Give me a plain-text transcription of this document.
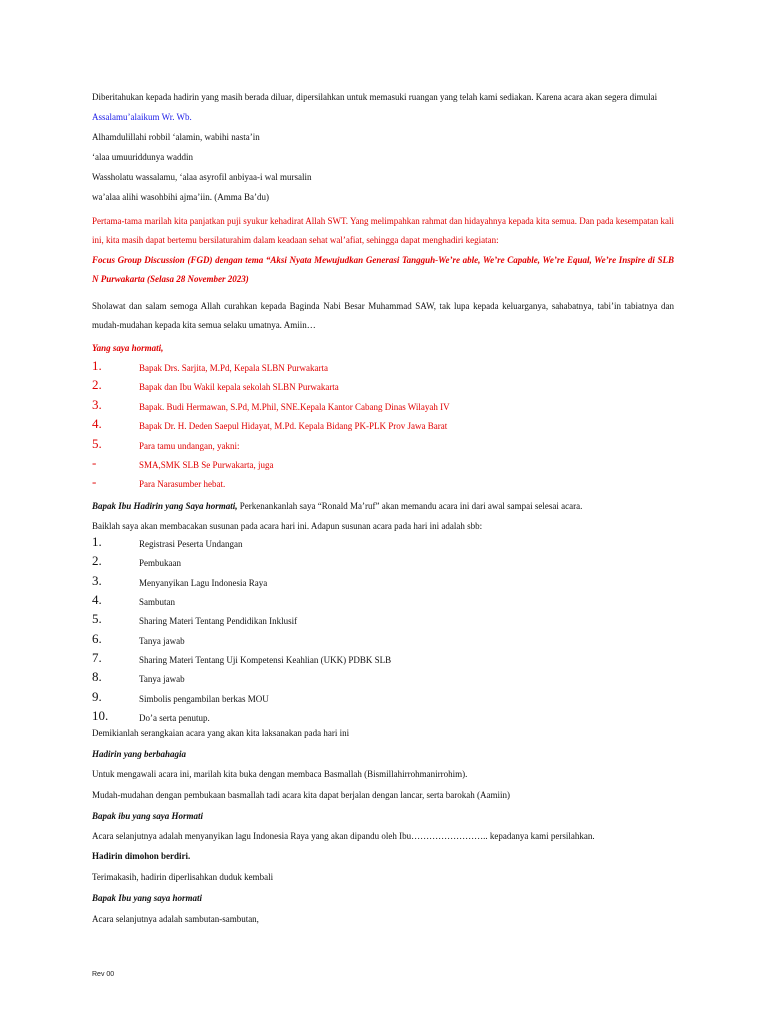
Diberitahukan kepada hadirin yang masih berada diluar, dipersilahkan untuk memasuki ruangan yang telah kami sediakan. Karena acara akan segera dimulai

Assalamu’alaikum Wr. Wb.

Alhamdulillahi robbil ‘alamin, wabihi nasta’in

‘alaa umuuriddunya waddin

Wassholatu wassalamu, ‘alaa asyrofil anbiyaa-i wal mursalin

wa’alaa alihi wasohbihi ajma’iin. (Amma Ba’du)

Pertama-tama marilah kita panjatkan puji syukur kehadirat Allah SWT. Yang melimpahkan rahmat dan hidayahnya kepada kita semua. Dan pada kesempatan kali ini, kita masih dapat bertemu bersilaturahim dalam keadaan sehat wal’afiat, sehingga dapat menghadiri kegiatan:

Focus Group Discussion (FGD) dengan tema “Aksi Nyata Mewujudkan Generasi Tangguh-We’re able, We’re Capable, We’re Equal, We’re Inspire di SLB N Purwakarta (Selasa 28 November 2023)

Sholawat dan salam semoga Allah curahkan kepada Baginda Nabi Besar Muhammad SAW, tak lupa kepada keluarganya, sahabatnya, tabi’in tabiatnya dan mudah-mudahan kepada kita semua selaku umatnya. Amiin…

Yang saya hormati,

1.	Bapak Drs. Sarjita, M.Pd, Kepala SLBN Purwakarta
2.	Bapak dan Ibu Wakil kepala sekolah SLBN Purwakarta
3.	Bapak. Budi Hermawan, S.Pd, M.Phil, SNE.Kepala Kantor Cabang Dinas Wilayah IV
4.	Bapak Dr. H. Deden Saepul Hidayat, M.Pd. Kepala Bidang PK-PLK Prov Jawa Barat
5.	Para tamu undangan, yakni:
-	SMA,SMK SLB Se Purwakarta, juga
-	Para Narasumber hebat.

Bapak Ibu Hadirin yang Saya hormati, Perkenankanlah saya “Ronald Ma’ruf” akan memandu acara ini dari awal sampai selesai acara.

Baiklah saya akan membacakan susunan pada acara hari ini. Adapun susunan acara pada hari ini adalah sbb:

1.	Registrasi Peserta Undangan
2.	Pembukaan
3.	Menyanyikan Lagu Indonesia Raya
4.	Sambutan
5.	Sharing Materi Tentang Pendidikan Inklusif
6.	Tanya jawab
7.	Sharing Materi Tentang Uji Kompetensi Keahlian (UKK) PDBK SLB
8.	Tanya jawab
9.	Simbolis pengambilan berkas MOU
10.	Do’a serta penutup.

Demikianlah serangkaian acara yang akan kita laksanakan pada hari ini

Hadirin yang berbahagia

Untuk mengawali acara ini, marilah kita buka dengan membaca Basmallah (Bismillahirrohmanirrohim).

Mudah-mudahan dengan pembukaan basmallah tadi acara kita dapat berjalan dengan lancar, serta barokah (Aamiin)

Bapak ibu yang saya Hormati

Acara selanjutnya adalah menyanyikan lagu Indonesia Raya yang akan dipandu oleh Ibu…………………….. kepadanya kami persilahkan.

Hadirin dimohon berdiri.

Terimakasih, hadirin diperlisahkan duduk kembali

Bapak Ibu yang saya hormati

Acara selanjutnya adalah sambutan-sambutan,

Rev 00
